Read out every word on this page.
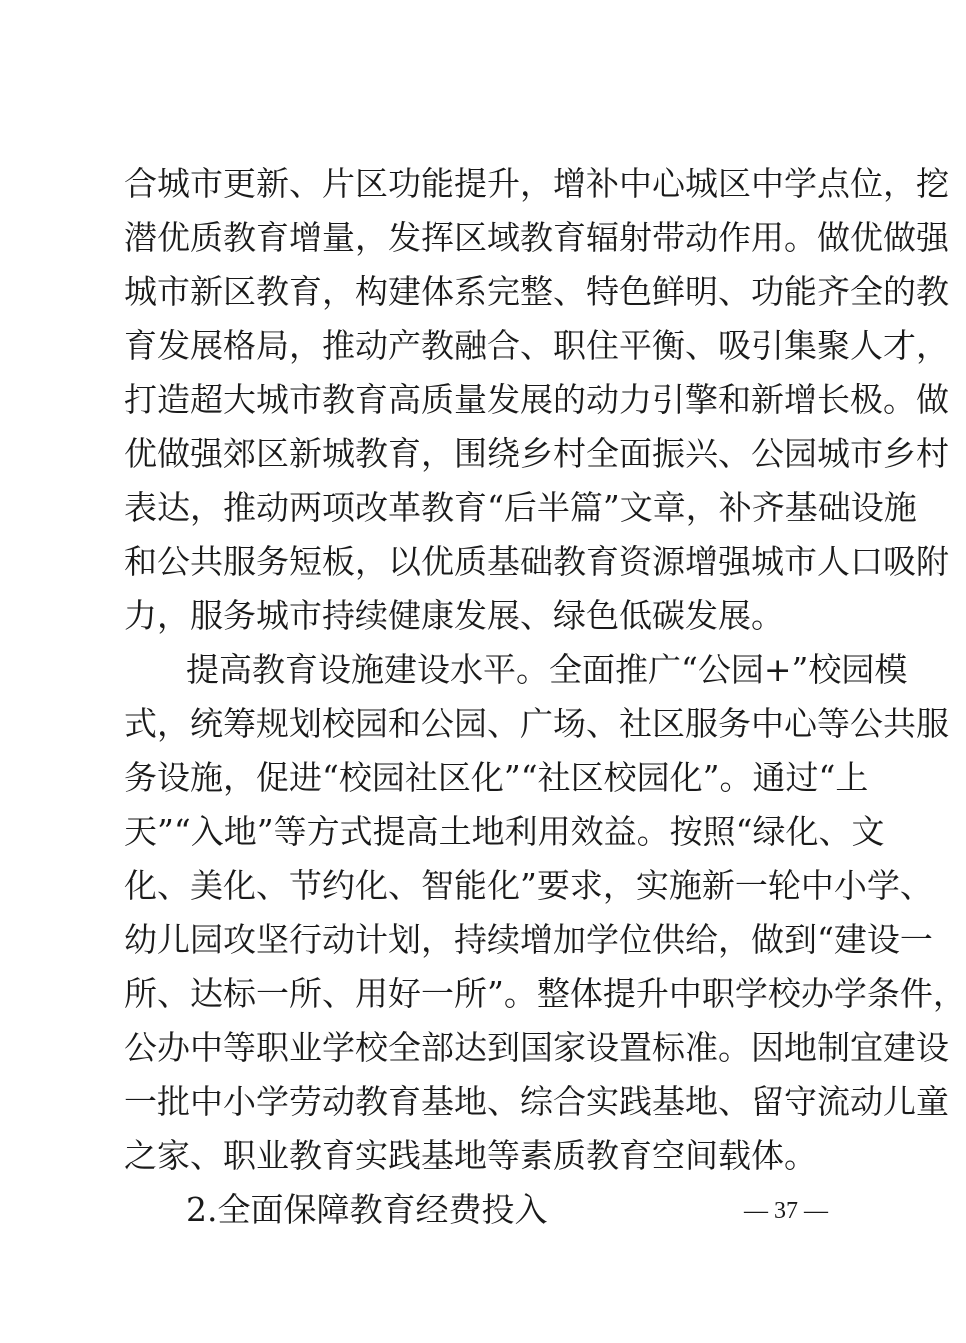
合城市更新、片区功能提升，增补中心城区中学点位，挖
潜优质教育增量，发挥区域教育辐射带动作用。做优做强
城市新区教育，构建体系完整、特色鲜明、功能齐全的教
育发展格局，推动产教融合、职住平衡、吸引集聚人才，
打造超大城市教育高质量发展的动力引擎和新增长极。做
优做强郊区新城教育，围绕乡村全面振兴、公园城市乡村
表达，推动两项改革教育“后半篇”文章，补齐基础设施
和公共服务短板，以优质基础教育资源增强城市人口吸附
力，服务城市持续健康发展、绿色低碳发展。
提高教育设施建设水平。全面推广“公园+”校园模
式，统筹规划校园和公园、广场、社区服务中心等公共服
务设施，促进“校园社区化”“社区校园化”。通过“上
天”“入地”等方式提高土地利用效益。按照“绿化、文
化、美化、节约化、智能化”要求，实施新一轮中小学、
幼儿园攻坚行动计划，持续增加学位供给，做到“建设一
所、达标一所、用好一所”。整体提升中职学校办学条件，
公办中等职业学校全部达到国家设置标准。因地制宜建设
一批中小学劳动教育基地、综合实践基地、留守流动儿童
之家、职业教育实践基地等素质教育空间载体。
2.全面保障教育经费投入	— 37 —
